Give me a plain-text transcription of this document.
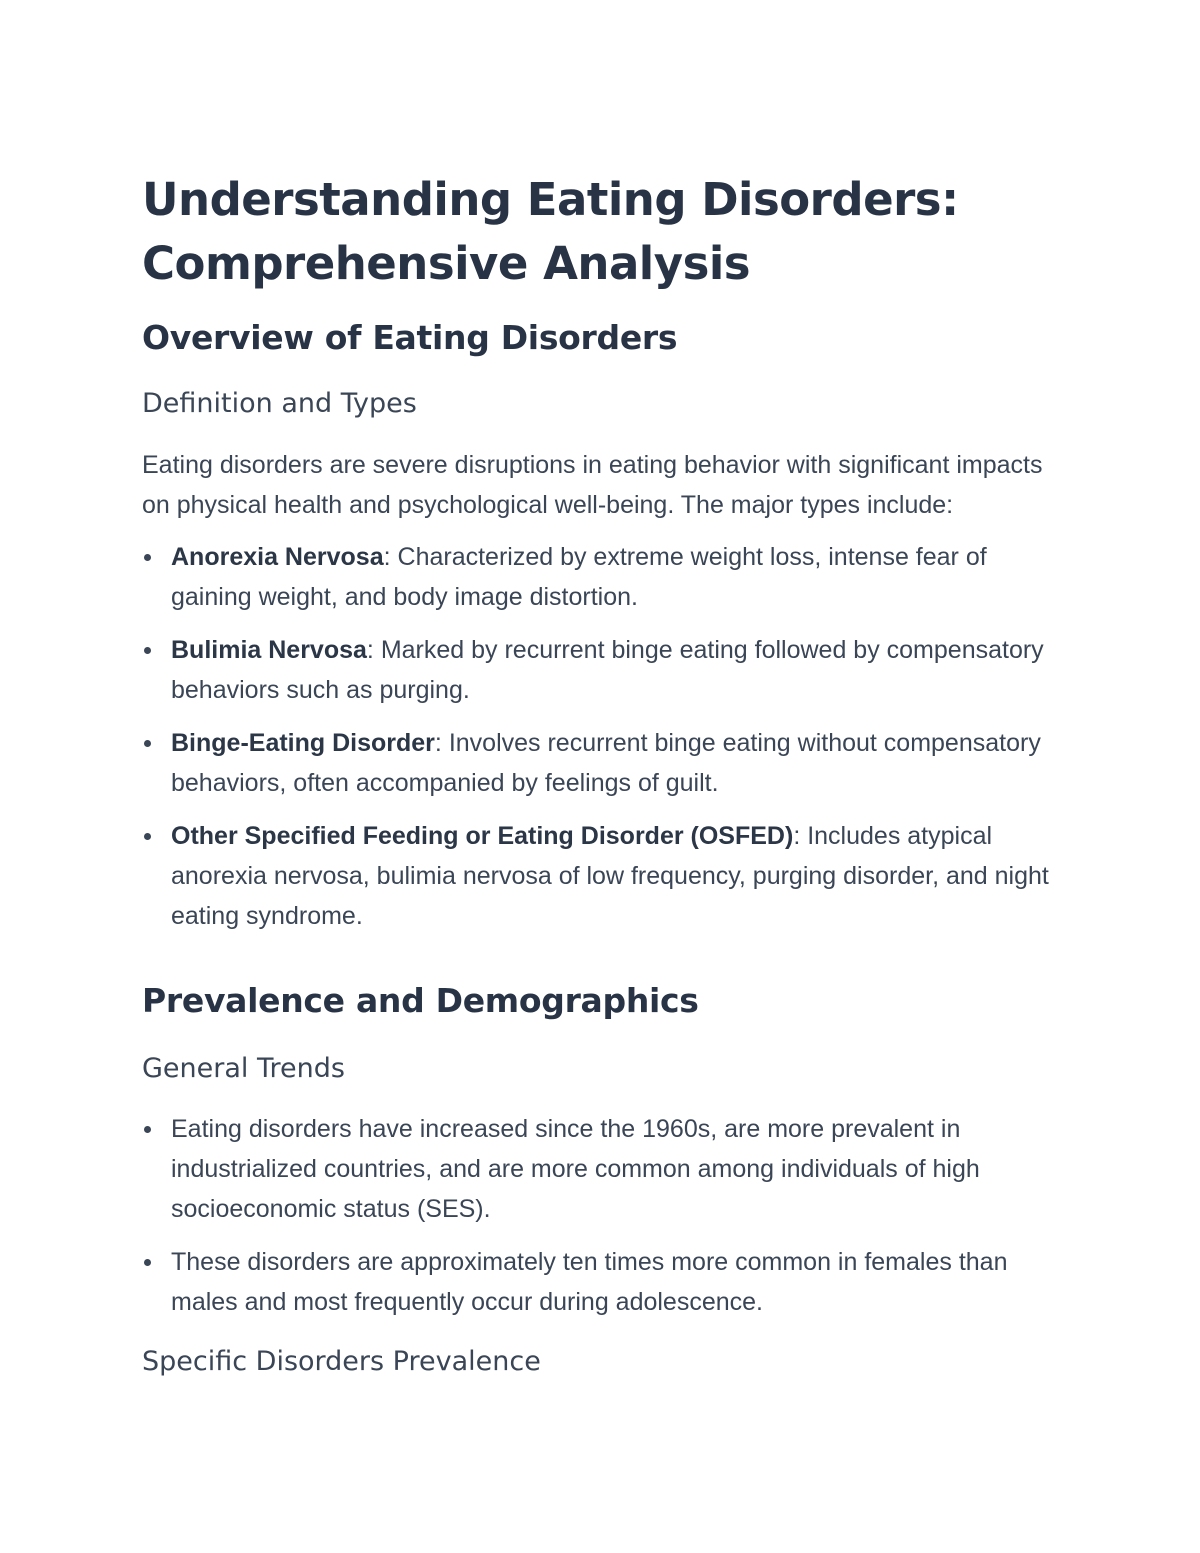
Understanding Eating Disorders:
Comprehensive Analysis
Overview of Eating Disorders
Definition and Types

Eating disorders are severe disruptions in eating behavior with significant impacts on physical health and psychological well-being. The major types include:

Anorexia Nervosa: Characterized by extreme weight loss, intense fear of gaining weight, and body image distortion.
Bulimia Nervosa: Marked by recurrent binge eating followed by compensatory behaviors such as purging.
Binge-Eating Disorder: Involves recurrent binge eating without compensatory behaviors, often accompanied by feelings of guilt.
Other Specified Feeding or Eating Disorder (OSFED): Includes atypical anorexia nervosa, bulimia nervosa of low frequency, purging disorder, and night eating syndrome.
Prevalence and Demographics
General Trends
Eating disorders have increased since the 1960s, are more prevalent in industrialized countries, and are more common among individuals of high socioeconomic status (SES).
These disorders are approximately ten times more common in females than males and most frequently occur during adolescence.
Specific Disorders Prevalence
